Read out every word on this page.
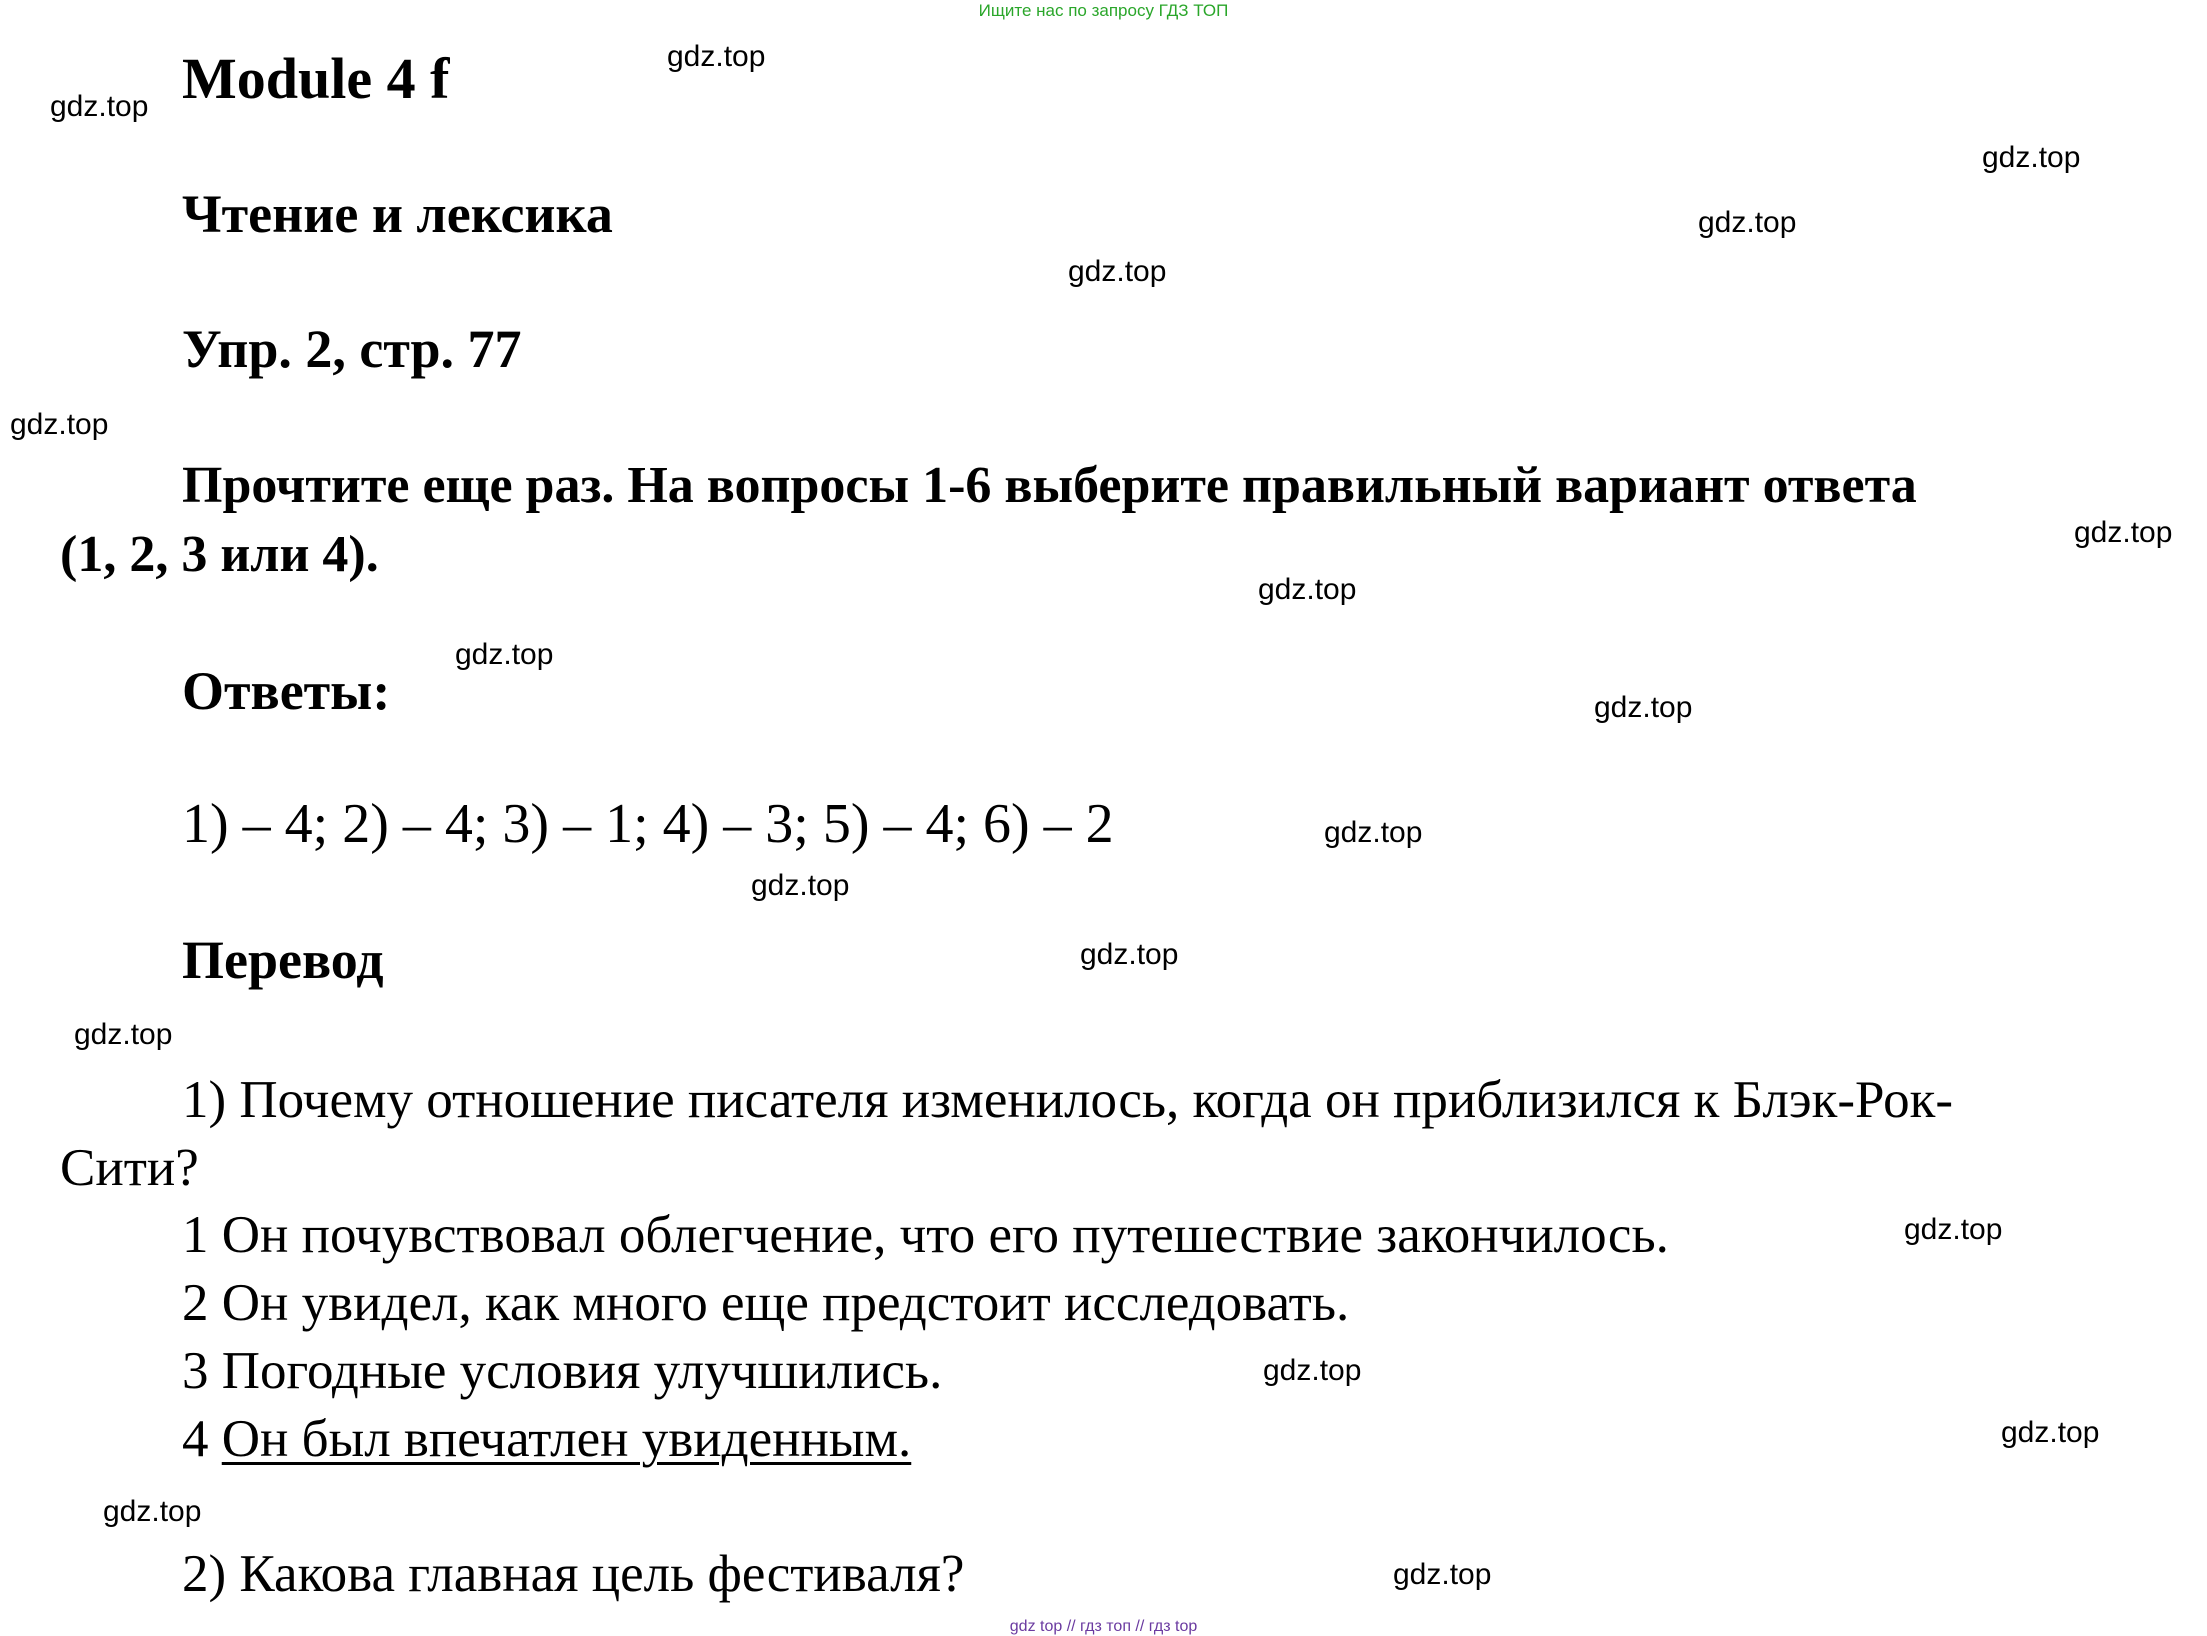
Ищите нас по запросу ГДЗ ТОП
Module 4 f
Чтение и лексика
Упр. 2, стр. 77
Прочтите еще раз. На вопросы 1-6 выберите правильный вариант ответа
(1, 2, 3 или 4).
Ответы:
1) – 4; 2) – 4; 3) – 1; 4) – 3; 5) – 4; 6) – 2
Перевод
1) Почему отношение писателя изменилось, когда он приблизился к Блэк-Рок-
Сити?
1 Он почувствовал облегчение, что его путешествие закончилось.
2 Он увидел, как много еще предстоит исследовать.
3 Погодные условия улучшились.
4 Он был впечатлен увиденным.
2) Какова главная цель фестиваля?
gdz.top
gdz.top
gdz.top
gdz.top
gdz.top
gdz.top
gdz.top
gdz.top
gdz.top
gdz.top
gdz.top
gdz.top
gdz.top
gdz.top
gdz.top
gdz.top
gdz.top
gdz.top
gdz.top
gdz top // гдз топ // гдз top
